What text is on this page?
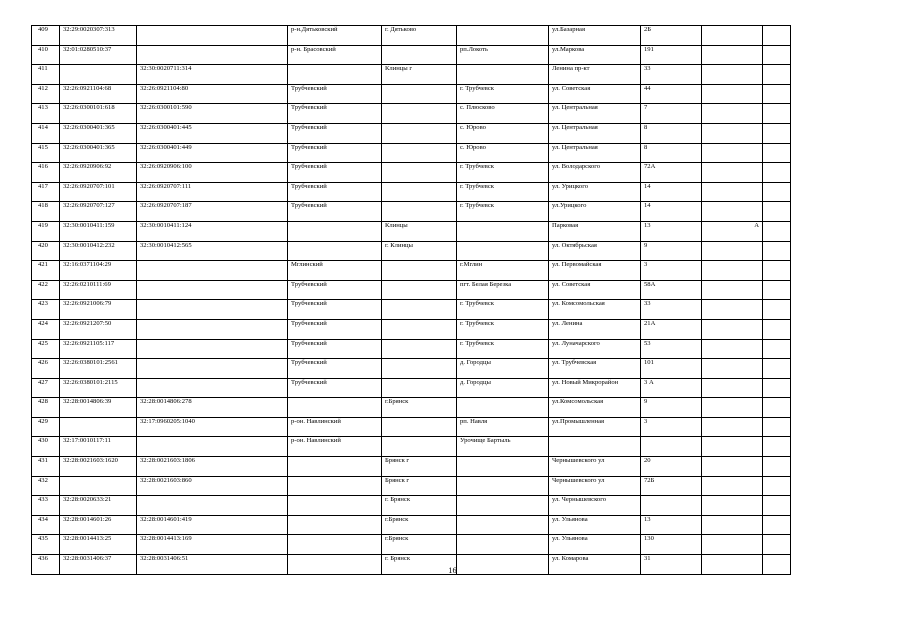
409	32:29:0020307:313		р-н.Дятьковский	г. Дятьково		ул.Базарная	2Б		
410	32:01:0280510:37		р-н. Брасовский		рп.Локоть	ул.Маркова	191		
411		32:30:0020711:314		Клинцы г		Ленина пр-кт	33		
412	32:26:0921104:68	32:26:0921104:80	Трубчевский		г. Трубчевск	ул. Советская	44		
413	32:26:0300101:618	32:26:0300101:590	Трубчевский		с. Плюсково	ул. Центральная	7		
414	32:26:0300401:365	32:26:0300401:445	Трубчевский		с. Юрово	ул. Центральная	8		
415	32:26:0300401:365	32:26:0300401:449	Трубчевский		с. Юрово	ул. Центральная	8		
416	32:26:0920906:92	32:26:0920906:100	Трубчевский		г. Трубчевск	ул. Володарского	72А		
417	32:26:0920707:101	32:26:0920707:111	Трубчевский		г. Трубчевск	ул. Урицкого	14		
418	32:26:0920707:127	32:26:0920707:187	Трубчевский		г. Трубчевск	ул.Урицкого	14		
419	32:30:0010411:159	32:30:0010411:124		Клинцы		Парковая	13	А	
420	32:30:0010412:232	32:30:0010412:565		г. Клинцы		ул. Октябрьская	9		
421	32:16:0371104:29		Мглинский		г.Мглин	ул. Первомайская	3		
422	32:26:0210111:69		Трубчевский		пгт. Белая Березка	ул. Советская	58А		
423	32:26:0921006:79		Трубчевский		г. Трубчевск	ул. Комсомольская	33		
424	32:26:0921207:50		Трубчевский		г. Трубчевск	ул. Ленина	21А		
425	32:26:0921105:117		Трубчевский		г. Трубчевск	ул. Луначарского	53		
426	32:26:0380101:2561		Трубчевский		д. Городцы	ул. Трубчевская	101		
427	32:26:0380101:2115		Трубчевский		д. Городцы	ул. Новый Микрорайон	3 А		
428	32:28:0014806:39	32:28:0014806:278		г.Брянск		ул.Комсомольская	9		
429		32:17:0960205:1040	р-он. Навлинский		рп. Навля	ул.Промышленная	3		
430	32:17:0010117:11		р-он. Навлинский		Урочище Бартыль				
431	32:28:0021603:1620	32:28:0021603:1806		Брянск г		Чернышевского ул	20		
432		32:28:0021603:860		Брянск г		Чернышевского ул	72Б		
433	32:28:0020633:21			г. Брянск		ул. Чернышевского			
434	32:28:0014601:26	32:28:0014601:419		г.Брянск		ул. Ульянова	13		
435	32:28:0014413:25	32:28:0014413:169		г.Брянск		ул. Ульянова	130		
436	32:28:0031406:37	32:28:0031406:51		г. Брянск		ул. Комарова	31		
16
